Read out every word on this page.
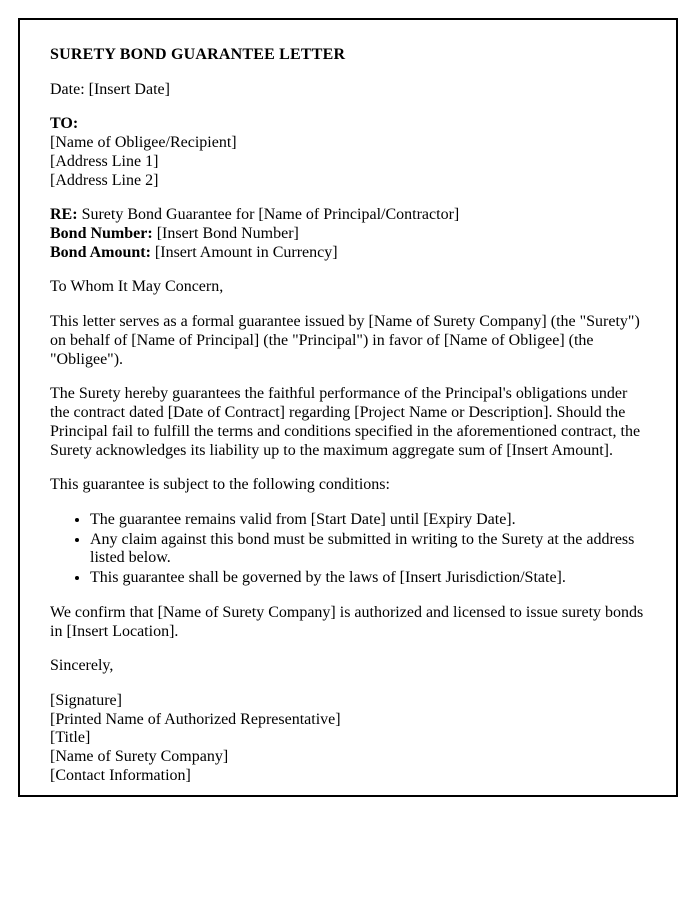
SURETY BOND GUARANTEE LETTER

Date: [Insert Date]

TO:
[Name of Obligee/Recipient]
[Address Line 1]
[Address Line 2]
RE: Surety Bond Guarantee for [Name of Principal/Contractor]
Bond Number: [Insert Bond Number]
Bond Amount: [Insert Amount in Currency]

To Whom It May Concern,

This letter serves as a formal guarantee issued by [Name of Surety Company] (the "Surety") on behalf of [Name of Principal] (the "Principal") in favor of [Name of Obligee] (the "Obligee").

The Surety hereby guarantees the faithful performance of the Principal's obligations under the contract dated [Date of Contract] regarding [Project Name or Description]. Should the Principal fail to fulfill the terms and conditions specified in the aforementioned contract, the Surety acknowledges its liability up to the maximum aggregate sum of [Insert Amount].

This guarantee is subject to the following conditions:

• The guarantee remains valid from [Start Date] until [Expiry Date].
• Any claim against this bond must be submitted in writing to the Surety at the address listed below.
• This guarantee shall be governed by the laws of [Insert Jurisdiction/State].

We confirm that [Name of Surety Company] is authorized and licensed to issue surety bonds in [Insert Location].

Sincerely,

[Signature]
[Printed Name of Authorized Representative]
[Title]
[Name of Surety Company]
[Contact Information]
